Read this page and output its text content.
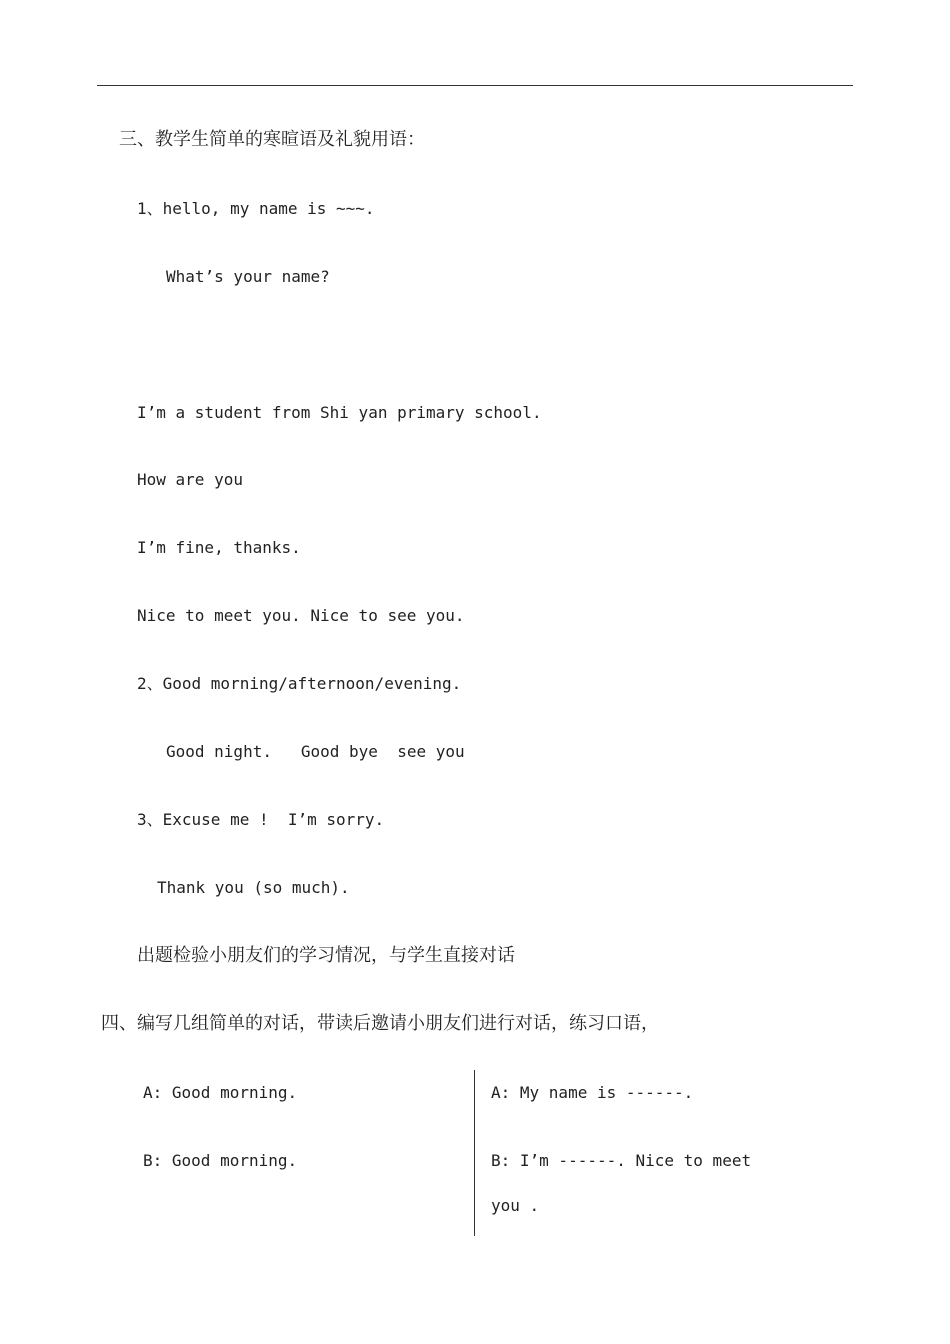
三、教学生简单的寒暄语及礼貌用语：
1、hello, my name is ~~~.
What’s your name?
I’m a student from Shi yan primary school.
How are you
I’m fine, thanks.
Nice to meet you. Nice to see you.
2、Good morning/afternoon/evening.
Good night.   Good bye  see you
3、Excuse me !  I’m sorry.
Thank you (so much).
出题检验小朋友们的学习情况，与学生直接对话
四、编写几组简单的对话，带读后邀请小朋友们进行对话，练习口语，
A: Good morning.
B: Good morning.
A: My name is ------.
B: I’m ------. Nice to meet
you .
